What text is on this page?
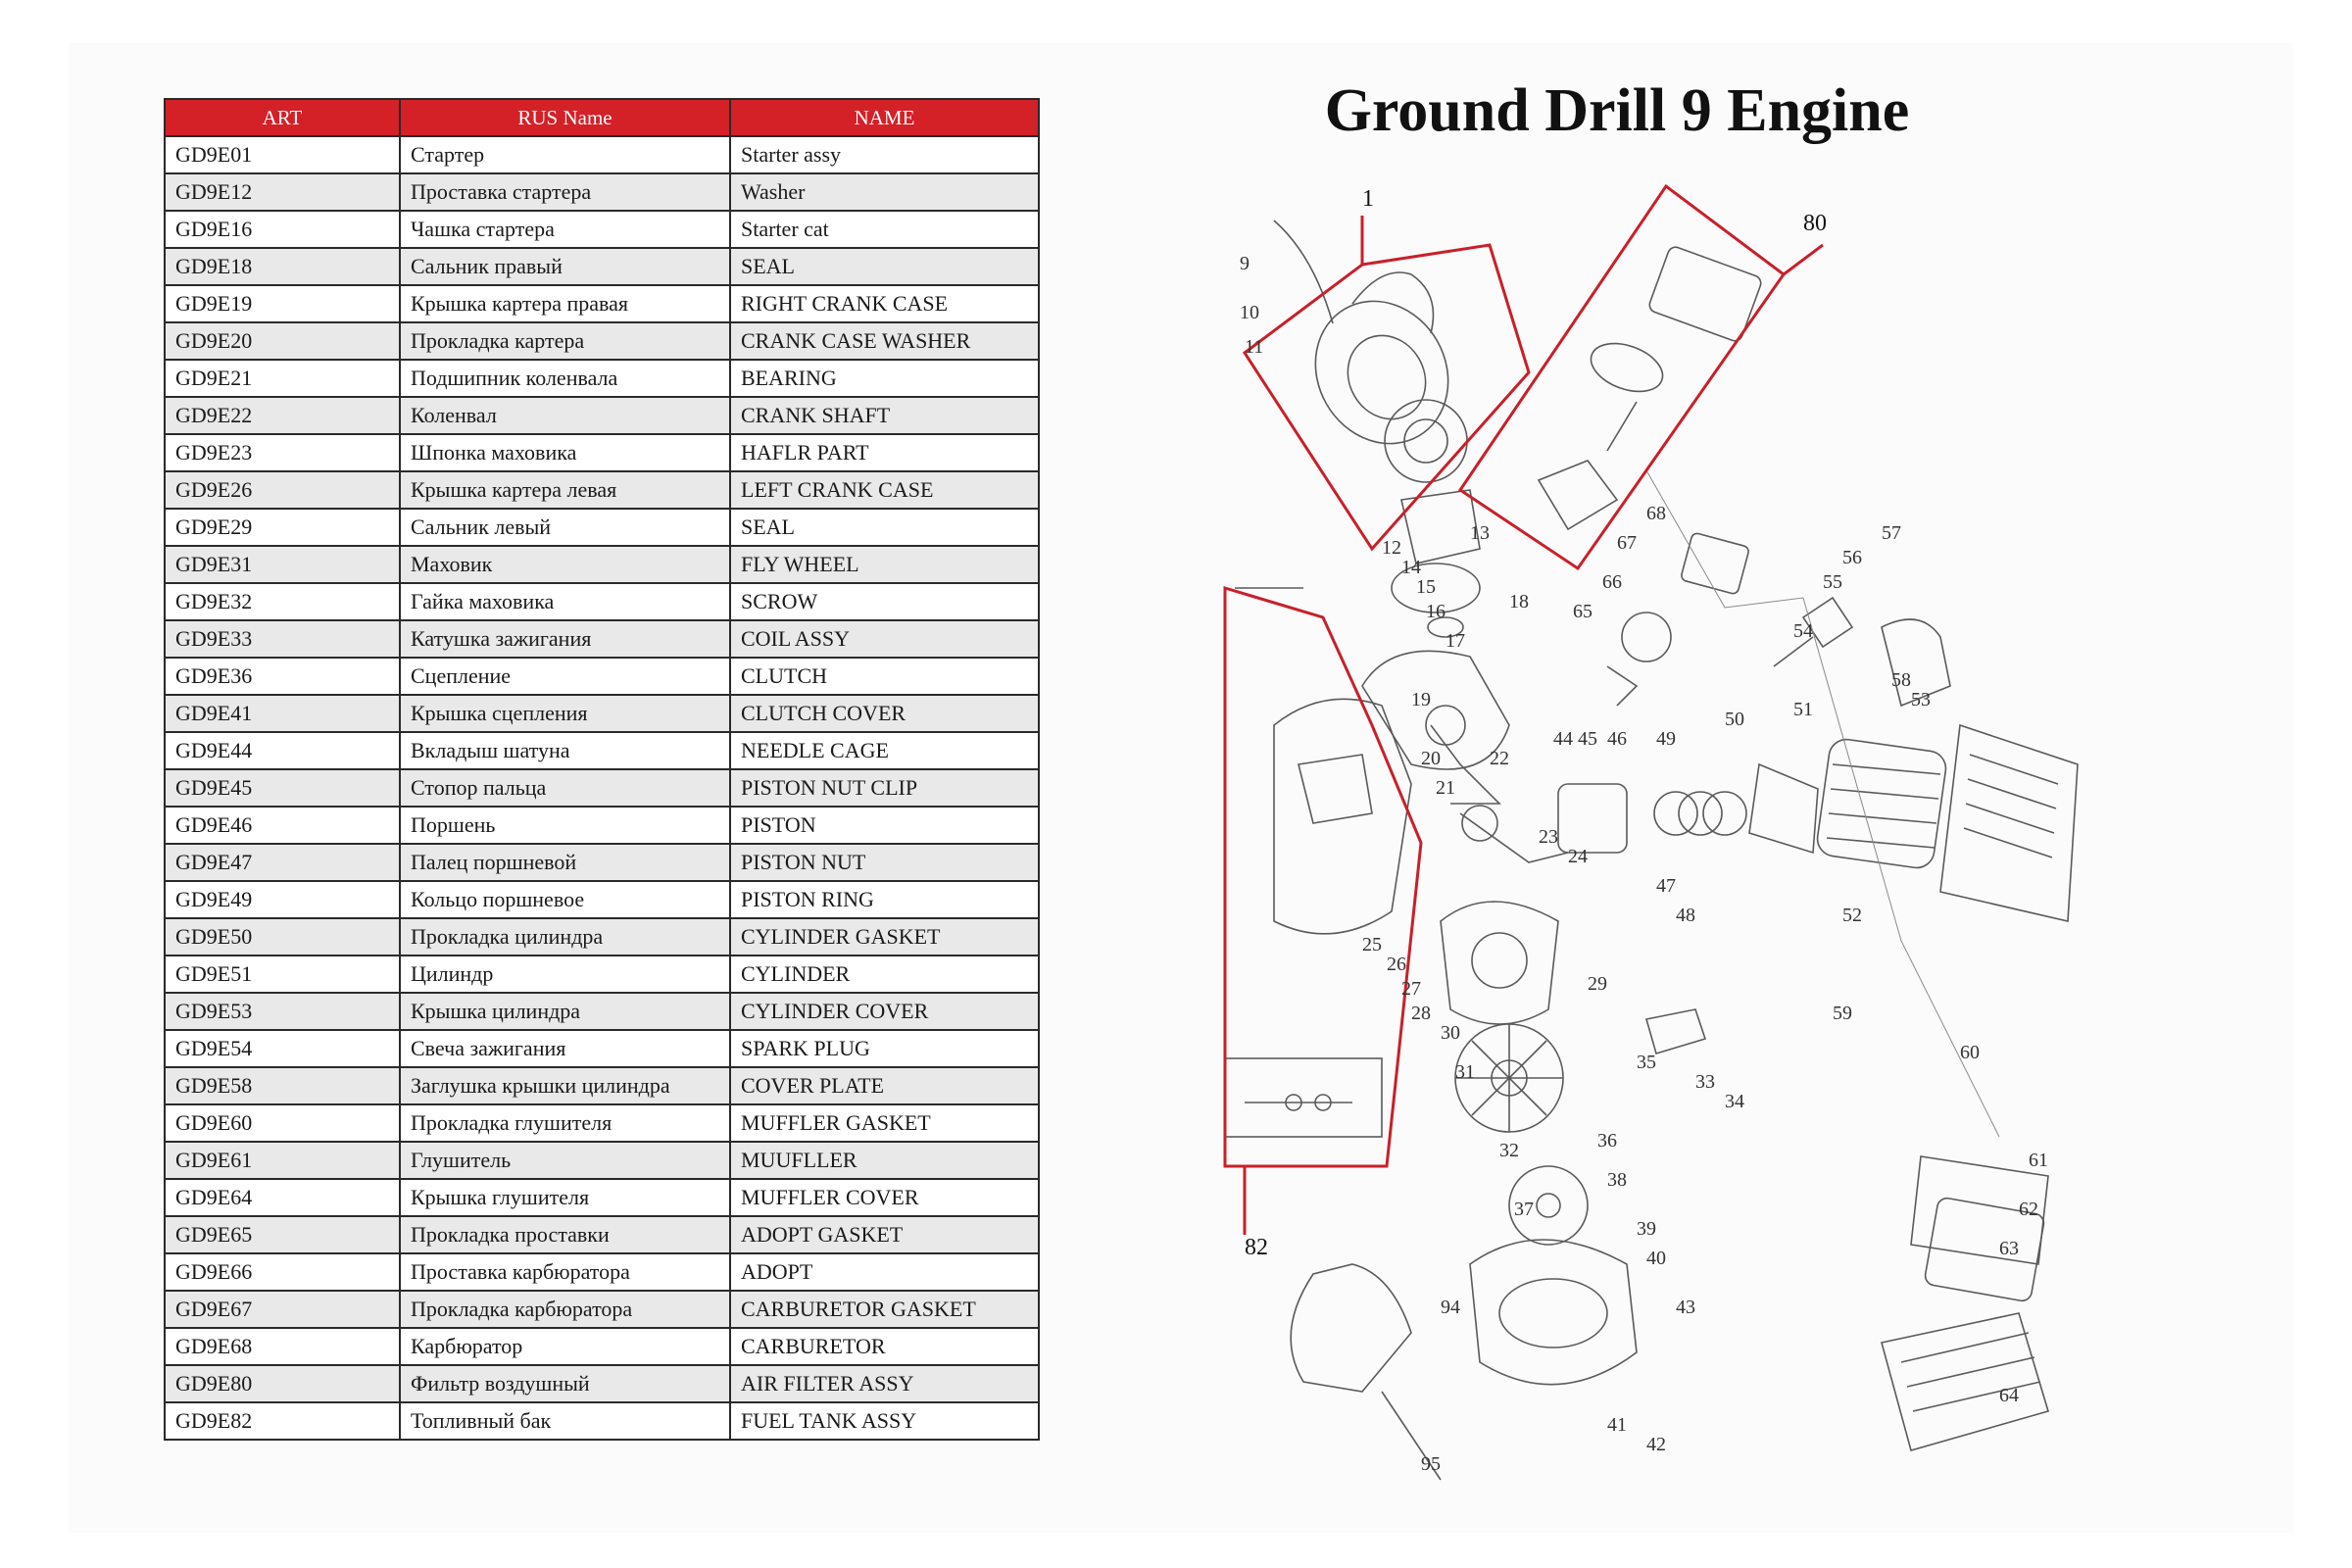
ART	RUS Name	NAME
GD9E01	Стартер	Starter assy
GD9E12	Проставка стартера	Washer
GD9E16	Чашка стартера	Starter cat
GD9E18	Сальник правый	SEAL
GD9E19	Крышка картера правая	RIGHT CRANK CASE
GD9E20	Прокладка картера	CRANK CASE WASHER
GD9E21	Подшипник коленвала	BEARING
GD9E22	Коленвал	CRANK SHAFT
GD9E23	Шпонка маховика	HAFLR PART
GD9E26	Крышка картера левая	LEFT CRANK CASE
GD9E29	Сальник левый	SEAL
GD9E31	Маховик	FLY WHEEL
GD9E32	Гайка маховика	SCROW
GD9E33	Катушка зажигания	COIL ASSY
GD9E36	Сцепление	CLUTCH
GD9E41	Крышка сцепления	CLUTCH COVER
GD9E44	Вкладыш шатуна	NEEDLE CAGE
GD9E45	Стопор пальца	PISTON NUT CLIP
GD9E46	Поршень	PISTON
GD9E47	Палец поршневой	PISTON NUT
GD9E49	Кольцо поршневое	PISTON RING
GD9E50	Прокладка цилиндра	CYLINDER GASKET
GD9E51	Цилиндр	CYLINDER
GD9E53	Крышка цилиндра	CYLINDER COVER
GD9E54	Свеча зажигания	SPARK PLUG
GD9E58	Заглушка крышки цилиндра	COVER PLATE
GD9E60	Прокладка глушителя	MUFFLER GASKET
GD9E61	Глушитель	MUUFLLER
GD9E64	Крышка глушителя	MUFFLER COVER
GD9E65	Прокладка проставки	ADOPT GASKET
GD9E66	Проставка карбюратора	ADOPT
GD9E67	Прокладка карбюратора	CARBURETOR GASKET
GD9E68	Карбюратор	CARBURETOR
GD9E80	Фильтр воздушный	AIR FILTER ASSY
GD9E82	Топливный бак	FUEL TANK ASSY
Ground Drill 9 Engine
1
80
82
9
10
11
12
13
14
15
16
17
18
19
20
21
22
23
24
25
26
27
28
29
30
31
32
33
34
35
36
37
38
39
40
41
42
43
44 45 46
47
48
49
50	51
52
53
54
55
56
57
58
59
60
61
62
63
64
65
66
67
68
94
95
